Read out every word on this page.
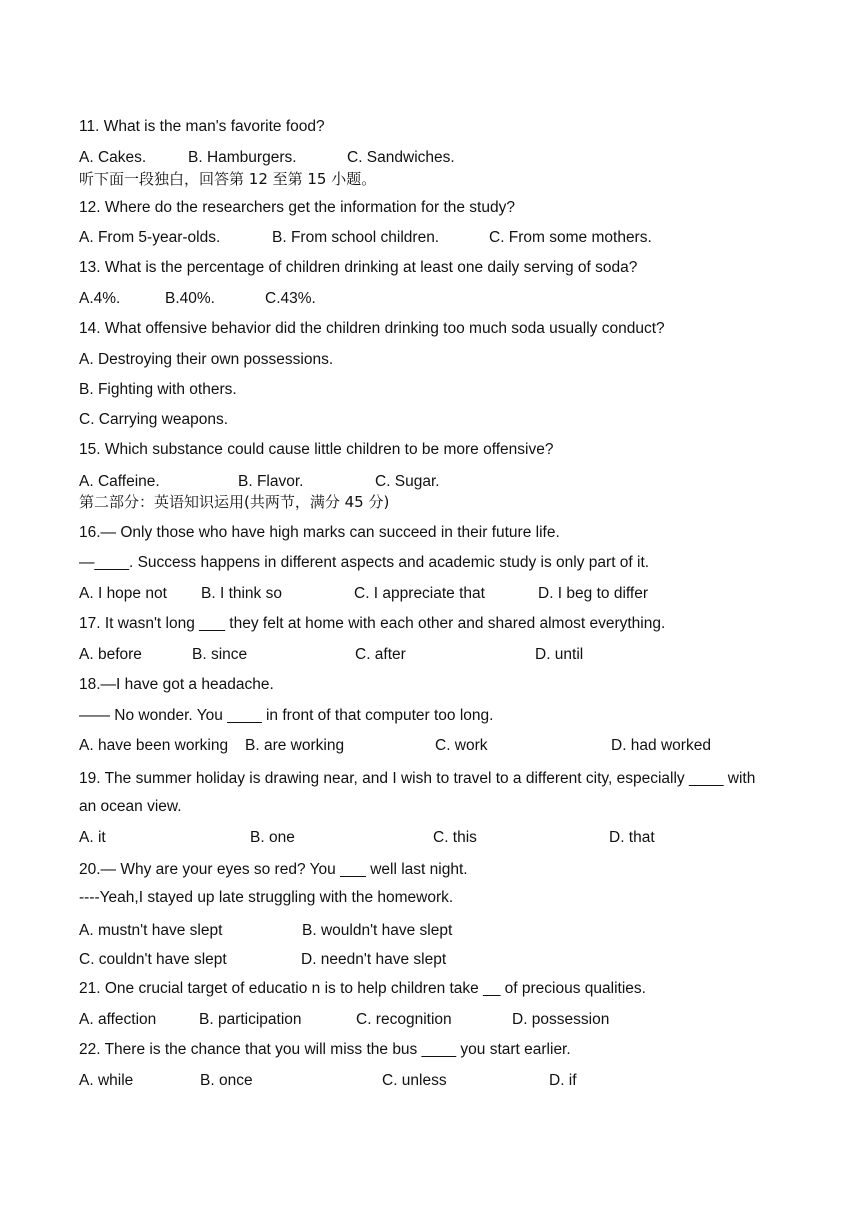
11. What is the man's favorite food?
A. Cakes.	B. Hamburgers.	C. Sandwiches.
听下面一段独白，回答第 12 至第 15 小题。
12. Where do the researchers get the information for the study?
A. From 5-year-olds.	B. From school children.	C. From some mothers.
13. What is the percentage of children drinking at least one daily serving of soda?
A.4%.	B.40%.	C.43%.
14. What offensive behavior did the children drinking too much soda usually conduct?
A. Destroying their own possessions.
B. Fighting with others.
C. Carrying weapons.
15. Which substance could cause little children to be more offensive?
A. Caffeine.	B. Flavor.	C. Sugar.
第二部分：英语知识运用(共两节，满分 45 分)
16.— Only those who have high marks can succeed in their future life.
—____. Success happens in different aspects and academic study is only part of it.
A. I hope not B. I think so	C. I appreciate that	D. I beg to differ
17. It wasn't long ___ they felt at home with each other and shared almost everything.
A. before	B. since	C. after	D. until
18.—I have got a headache.
—— No wonder. You ____ in front of that computer too long.
A. have been working B. are working	C. work	D. had worked
19. The summer holiday is drawing near, and I wish to travel to a different city, especially ____ with
an ocean view.
A. it	B. one	C. this	D. that
20.— Why are your eyes so red? You ___ well last night.
----Yeah,I stayed up late struggling with the homework.
A. mustn't have slept	B. wouldn't have slept
C. couldn't have slept	D. needn't have slept
21. One crucial target of educatio n is to help children take __ of precious qualities.
A. affection	B. participation	C. recognition	D. possession
22. There is the chance that you will miss the bus ____ you start earlier.
A. while	B. once	C. unless	D. if
